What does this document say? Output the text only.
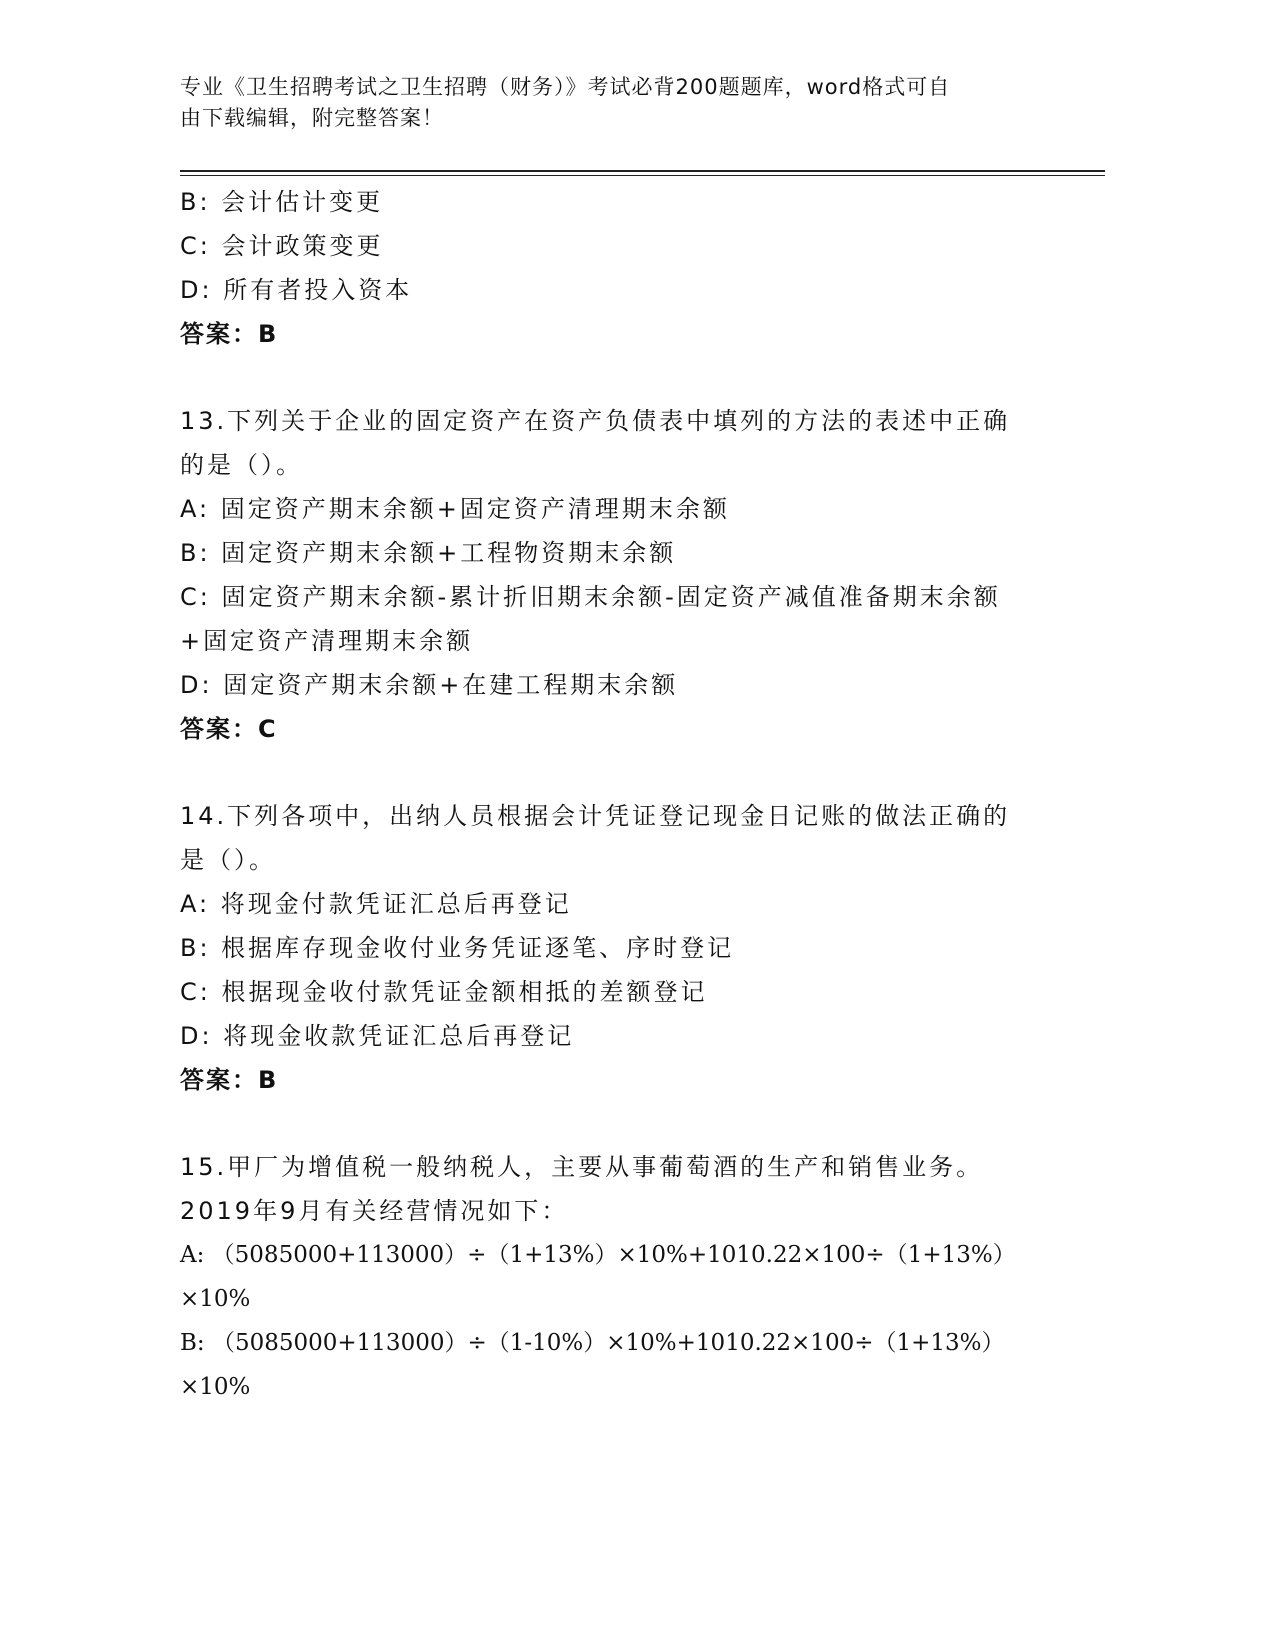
专业《卫生招聘考试之卫生招聘（财务）》考试必背200题题库，word格式可自
由下载编辑，附完整答案！
B: 会计估计变更
C: 会计政策变更
D: 所有者投入资本
答案：B
13.下列关于企业的固定资产在资产负债表中填列的方法的表述中正确
的是（）。
A: 固定资产期末余额+固定资产清理期末余额
B: 固定资产期末余额+工程物资期末余额
C: 固定资产期末余额-累计折旧期末余额-固定资产减值准备期末余额
+固定资产清理期末余额
D: 固定资产期末余额+在建工程期末余额
答案：C
14.下列各项中，出纳人员根据会计凭证登记现金日记账的做法正确的
是（）。
A: 将现金付款凭证汇总后再登记
B: 根据库存现金收付业务凭证逐笔、序时登记
C: 根据现金收付款凭证金额相抵的差额登记
D: 将现金收款凭证汇总后再登记
答案：B
15.甲厂为增值税一般纳税人，主要从事葡萄酒的生产和销售业务。
2019年9月有关经营情况如下：
A: （5085000+113000）÷（1+13%）×10%+1010.22×100÷（1+13%）
×10%
B: （5085000+113000）÷（1-10%）×10%+1010.22×100÷（1+13%）
×10%
